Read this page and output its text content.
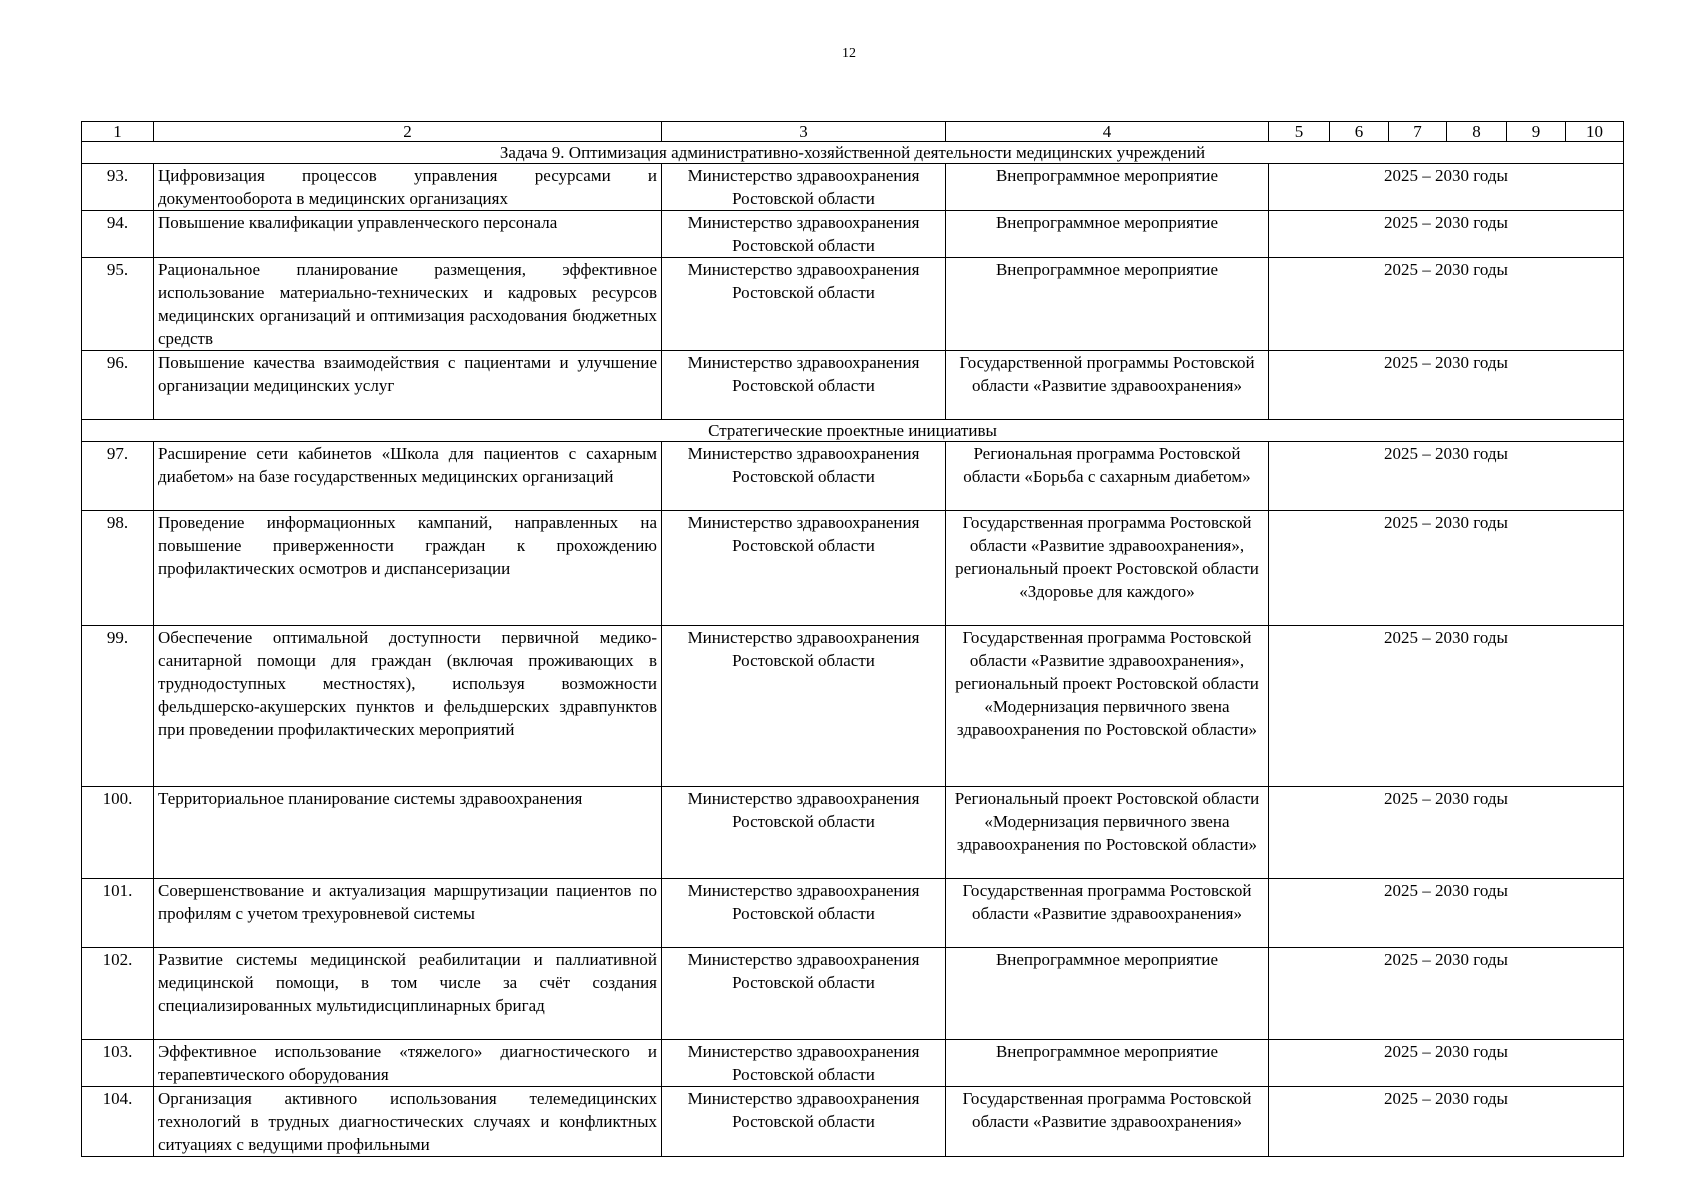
12
1	2	3	4	5	6	7	8	9	10
Задача 9. Оптимизация административно-хозяйственной деятельности медицинских учреждений									
93.	Цифровизация процессов управления ресурсами и документооборота в медицинских организациях	Министерство здравоохранения Ростовской области	Внепрограммное мероприятие	2025 – 2030 годы					
94.	Повышение квалификации управленческого персонала	Министерство здравоохранения Ростовской области	Внепрограммное мероприятие	2025 – 2030 годы					
95.	Рациональное планирование размещения, эффективное использование материально-технических и кадровых ресурсов медицинских организаций и оптимизация расходования бюджетных средств	Министерство здравоохранения Ростовской области	Внепрограммное мероприятие	2025 – 2030 годы					
96.	Повышение качества взаимодействия с пациентами и улучшение организации медицинских услуг	Министерство здравоохранения Ростовской области	Государственной программы Ростовской области «Развитие здравоохранения»	2025 – 2030 годы					
Стратегические проектные инициативы									
97.	Расширение сети кабинетов «Школа для пациентов с сахарным диабетом» на базе государственных медицинских организаций	Министерство здравоохранения Ростовской области	Региональная программа Ростовской области «Борьба с сахарным диабетом»	2025 – 2030 годы					
98.	Проведение информационных кампаний, направленных на повышение приверженности граждан к прохождению профилактических осмотров и диспансеризации	Министерство здравоохранения Ростовской области	Государственная программа Ростовской области «Развитие здравоохранения», региональный проект Ростовской области «Здоровье для каждого»	2025 – 2030 годы					
99.	Обеспечение оптимальной доступности первичной медико-санитарной помощи для граждан (включая проживающих в труднодоступных местностях), используя возможности фельдшерско-акушерских пунктов и фельдшерских здравпунктов при проведении профилактических мероприятий	Министерство здравоохранения Ростовской области	Государственная программа Ростовской области «Развитие здравоохранения», региональный проект Ростовской области «Модернизация первичного звена здравоохранения по Ростовской области»	2025 – 2030 годы					
100.	Территориальное планирование системы здравоохранения	Министерство здравоохранения Ростовской области	Региональный проект Ростовской области «Модернизация первичного звена здравоохранения по Ростовской области»	2025 – 2030 годы					
101.	Совершенствование и актуализация маршрутизации пациентов по профилям с учетом трехуровневой системы	Министерство здравоохранения Ростовской области	Государственная программа Ростовской области «Развитие здравоохранения»	2025 – 2030 годы					
102.	Развитие системы медицинской реабилитации и паллиативной медицинской помощи, в том числе за счёт создания специализированных мультидисциплинарных бригад	Министерство здравоохранения Ростовской области	Внепрограммное мероприятие	2025 – 2030 годы					
103.	Эффективное использование «тяжелого» диагностического и терапевтического оборудования	Министерство здравоохранения Ростовской области	Внепрограммное мероприятие	2025 – 2030 годы					
104.	Организация активного использования телемедицинских технологий в трудных диагностических случаях и конфликтных ситуациях с ведущими профильными	Министерство здравоохранения Ростовской области	Государственная программа Ростовской области «Развитие здравоохранения»	2025 – 2030 годы					
